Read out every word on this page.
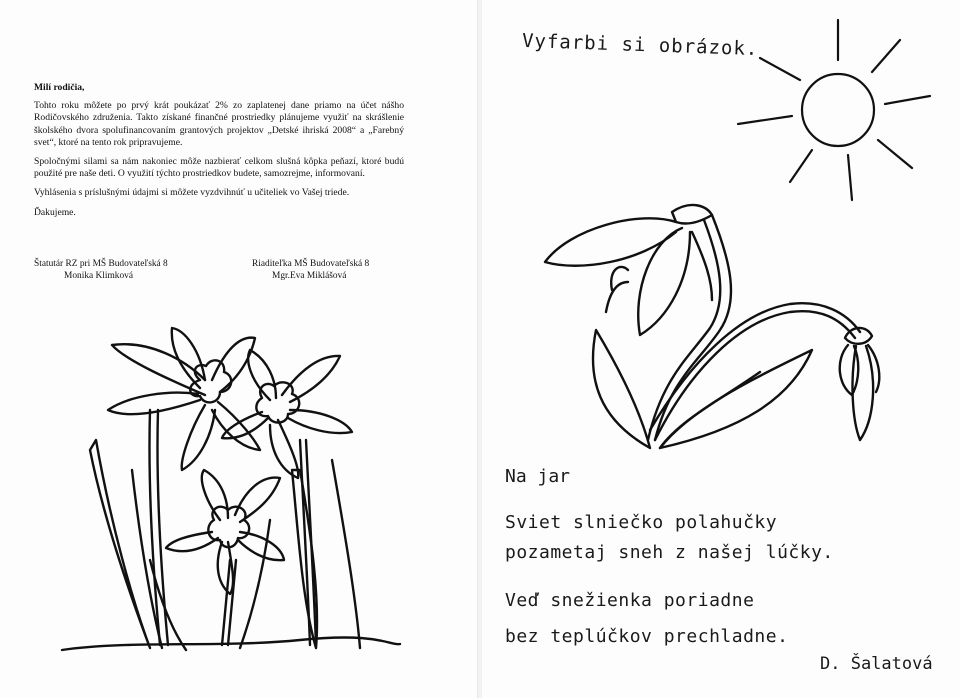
Milí rodičia,

Tohto roku môžete po prvý krát poukázať 2% zo zaplatenej dane priamo na účet nášho Rodičovského združenia. Takto získané finančné prostriedky plánujeme využiť na skrášlenie školského dvora spolufinancovaním grantových projektov „Detské ihriská 2008“ a „Farebný svet“, ktoré na tento rok pripravujeme.

Spoločnými silami sa nám nakoniec môže nazbierať celkom slušná kôpka peňazí, ktoré budú použité pre naše deti. O využití týchto prostriedkov budete, samozrejme, informovaní.

Vyhlásenia s príslušnými údajmi si môžete vyzdvihnúť u učiteliek vo Vašej triede.

Ďakujeme.

Štatutár RZ pri MŠ Budovateľská 8
Monika Klimková
Riaditeľka MŠ Budovateľská 8
Mgr.Eva Miklášová
Vyfarbi si obrázok.
Na jar
Sviet slniečko polahučky
pozametaj sneh z našej lúčky.
Veď snežienka poriadne
bez teplúčkov prechladne.
D. Šalatová
